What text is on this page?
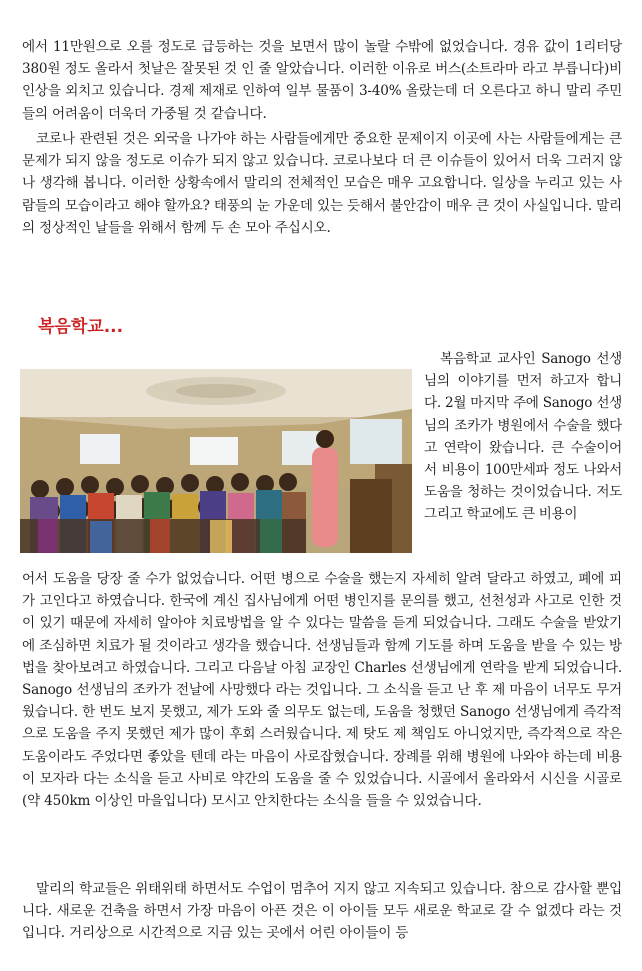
에서 11만원으로 오를 정도로 급등하는 것을 보면서 많이 놀랄 수밖에 없었습니다. 경유 값이 1리터당 380원 정도 올라서 첫날은 잘못된 것 인 줄 알았습니다. 이러한 이유로 버스(소트라마 라고 부릅니다)비 인상을 외치고 있습니다. 경제 제재로 인하여 일부 물품이 3-40% 올랐는데 더 오른다고 하니 말리 주민들의 어려움이 더욱더 가중될 것 같습니다.

코로나 관련된 것은 외국을 나가야 하는 사람들에게만 중요한 문제이지 이곳에 사는 사람들에게는 큰 문제가 되지 않을 정도로 이슈가 되지 않고 있습니다. 코로나보다 더 큰 이슈들이 있어서 더욱 그러지 않나 생각해 봅니다. 이러한 상황속에서 말리의 전체적인 모습은 매우 고요합니다. 일상을 누리고 있는 사람들의 모습이라고 해야 할까요? 태풍의 눈 가운데 있는 듯해서 불안감이 매우 큰 것이 사실입니다. 말리의 정상적인 날들을 위해서 함께 두 손 모아 주십시오.

복음학교...

복음학교 교사인 Sanogo 선생님의 이야기를 먼저 하고자 합니다. 2월 마지막 주에 Sanogo 선생님의 조카가 병원에서 수술을 했다고 연락이 왔습니다. 큰 수술이어서 비용이 100만세파 정도 나와서 도움을 청하는 것이었습니다. 저도 그리고 학교에도 큰 비용이

어서 도움을 당장 줄 수가 없었습니다. 어떤 병으로 수술을 했는지 자세히 알려 달라고 하였고, 폐에 피가 고인다고 하였습니다. 한국에 계신 집사님에게 어떤 병인지를 문의를 했고, 선천성과 사고로 인한 것이 있기 때문에 자세히 알아야 치료방법을 알 수 있다는 말씀을 듣게 되었습니다. 그래도 수술을 받았기에 조심하면 치료가 될 것이라고 생각을 했습니다. 선생님들과 함께 기도를 하며 도움을 받을 수 있는 방법을 찾아보려고 하였습니다. 그리고 다음날 아침 교장인 Charles 선생님에게 연락을 받게 되었습니다. Sanogo 선생님의 조카가 전날에 사망했다 라는 것입니다. 그 소식을 듣고 난 후 제 마음이 너무도 무거웠습니다. 한 번도 보지 못했고, 제가 도와 줄 의무도 없는데, 도움을 청했던 Sanogo 선생님에게 즉각적으로 도움을 주지 못했던 제가 많이 후회 스러웠습니다. 제 탓도 제 책임도 아니었지만, 즉각적으로 작은 도움이라도 주었다면 좋았을 텐데 라는 마음이 사로잡혔습니다. 장례를 위해 병원에 나와야 하는데 비용이 모자라 다는 소식을 듣고 사비로 약간의 도움을 줄 수 있었습니다. 시골에서 올라와서 시신을 시골로(약 450km 이상인 마을입니다) 모시고 안치한다는 소식을 들을 수 있었습니다.

말리의 학교들은 위태위태 하면서도 수업이 멈추어 지지 않고 지속되고 있습니다. 참으로 감사할 뿐입니다. 새로운 건축을 하면서 가장 마음이 아픈 것은 이 아이들 모두 새로운 학교로 갈 수 없겠다 라는 것입니다. 거리상으로 시간적으로 지금 있는 곳에서 어린 아이들이 등
